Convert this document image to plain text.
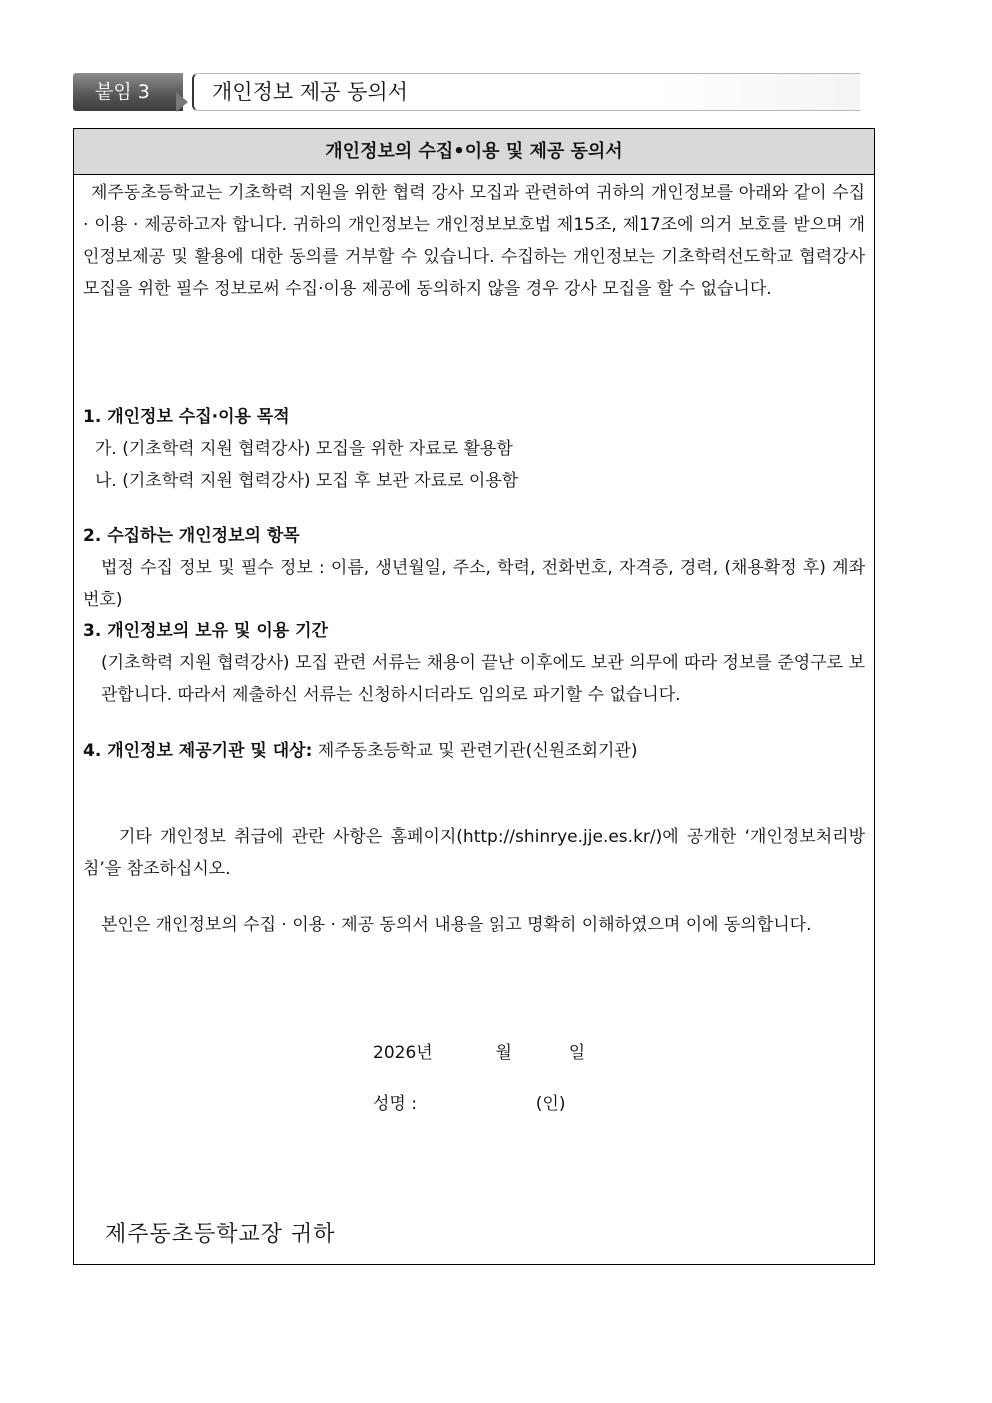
붙임 3	개인정보 제공 동의서
개인정보의 수집•이용 및 제공 동의서
제주동초등학교는 기초학력 지원을 위한 협력 강사 모집과 관련하여 귀하의 개인정보를 아래와 같이 수집 · 이용 · 제공하고자 합니다. 귀하의 개인정보는 개인정보보호법 제15조, 제17조에 의거 보호를 받으며 개인정보제공 및 활용에 대한 동의를 거부할 수 있습니다. 수집하는 개인정보는 기초학력선도학교 협력강사 모집을 위한 필수 정보로써 수집·이용 제공에 동의하지 않을 경우 강사 모집을 할 수 없습니다.
1. 개인정보 수집·이용 목적
가. (기초학력 지원 협력강사) 모집을 위한 자료로 활용함
나. (기초학력 지원 협력강사) 모집 후 보관 자료로 이용함
2. 수집하는 개인정보의 항목
법정 수집 정보 및 필수 정보 : 이름, 생년월일, 주소, 학력, 전화번호, 자격증, 경력, (채용확정 후) 계좌번호)
3. 개인정보의 보유 및 이용 기간
(기초학력 지원 협력강사) 모집 관련 서류는 채용이 끝난 이후에도 보관 의무에 따라 정보를 준영구로 보관합니다. 따라서 제출하신 서류는 신청하시더라도 임의로 파기할 수 없습니다.
4. 개인정보 제공기관 및 대상: 제주동초등학교 및 관련기관(신원조회기관)
기타 개인정보 취급에 관란 사항은 홈페이지(http://shinrye.jje.es.kr/)에 공개한 ‘개인정보처리방침’을 참조하십시오.
본인은 개인정보의 수집 · 이용 · 제공 동의서 내용을 읽고 명확히 이해하였으며 이에 동의합니다.
2026년	월	일
성명 :	(인)
제주동초등학교장 귀하
